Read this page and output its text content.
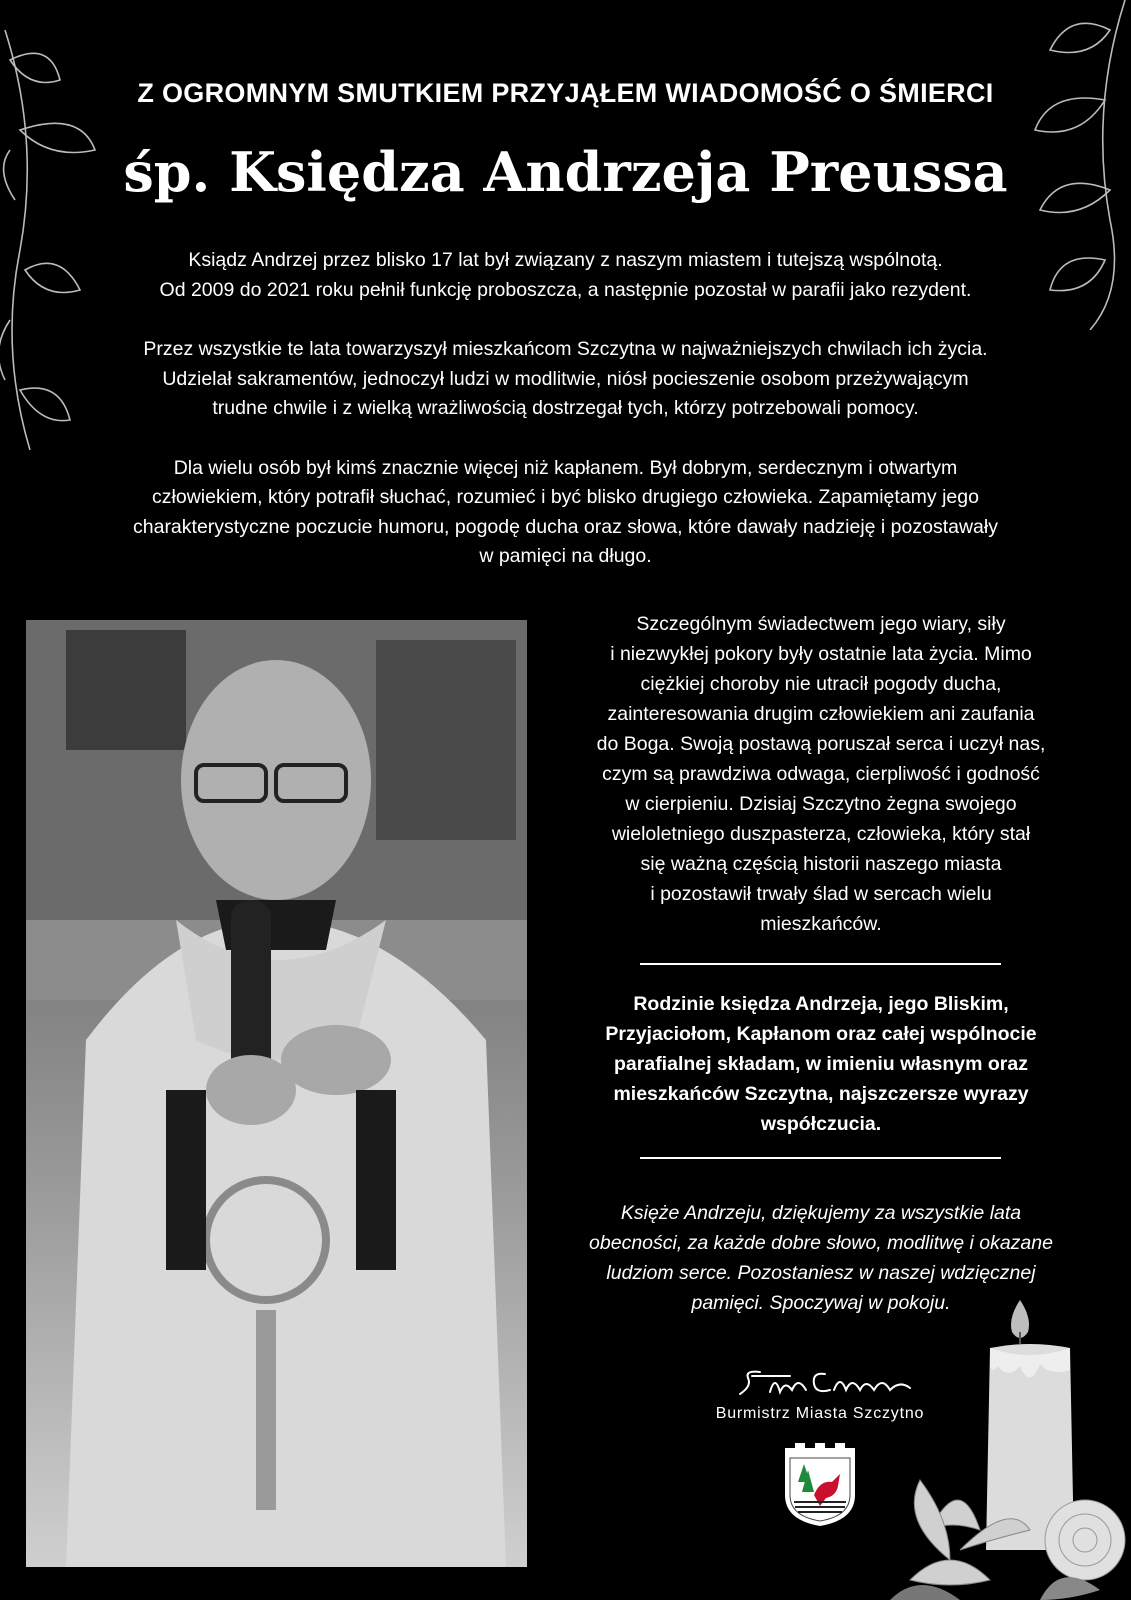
Z OGROMNYM SMUTKIEM PRZYJĄŁEM WIADOMOŚĆ O ŚMIERCI
śp. Księdza Andrzeja Preussa

Ksiądz Andrzej przez blisko 17 lat był związany z naszym miastem i tutejszą wspólnotą.
Od 2009 do 2021 roku pełnił funkcję proboszcza, a następnie pozostał w parafii jako rezydent.

Przez wszystkie te lata towarzyszył mieszkańcom Szczytna w najważniejszych chwilach ich życia.
Udzielał sakramentów, jednoczył ludzi w modlitwie, niósł pocieszenie osobom przeżywającym
trudne chwile i z wielką wrażliwością dostrzegał tych, którzy potrzebowali pomocy.

Dla wielu osób był kimś znacznie więcej niż kapłanem. Był dobrym, serdecznym i otwartym
człowiekiem, który potrafił słuchać, rozumieć i być blisko drugiego człowieka. Zapamiętamy jego
charakterystyczne poczucie humoru, pogodę ducha oraz słowa, które dawały nadzieję i pozostawały
w pamięci na długo.

Szczególnym świadectwem jego wiary, siły
i niezwykłej pokory były ostatnie lata życia. Mimo
ciężkiej choroby nie utracił pogody ducha,
zainteresowania drugim człowiekiem ani zaufania
do Boga. Swoją postawą poruszał serca i uczył nas,
czym są prawdziwa odwaga, cierpliwość i godność
w cierpieniu. Dzisiaj Szczytno żegna swojego
wieloletniego duszpasterza, człowieka, który stał
się ważną częścią historii naszego miasta
i pozostawił trwały ślad w sercach wielu
mieszkańców.
Rodzinie księdza Andrzeja, jego Bliskim,
Przyjaciołom, Kapłanom oraz całej wspólnocie
parafialnej składam, w imieniu własnym oraz
mieszkańców Szczytna, najszczersze wyrazy
współczucia.
Księże Andrzeju, dziękujemy za wszystkie lata
obecności, za każde dobre słowo, modlitwę i okazane
ludziom serce. Pozostaniesz w naszej wdzięcznej
pamięci. Spoczywaj w pokoju.
Burmistrz Miasta Szczytno
